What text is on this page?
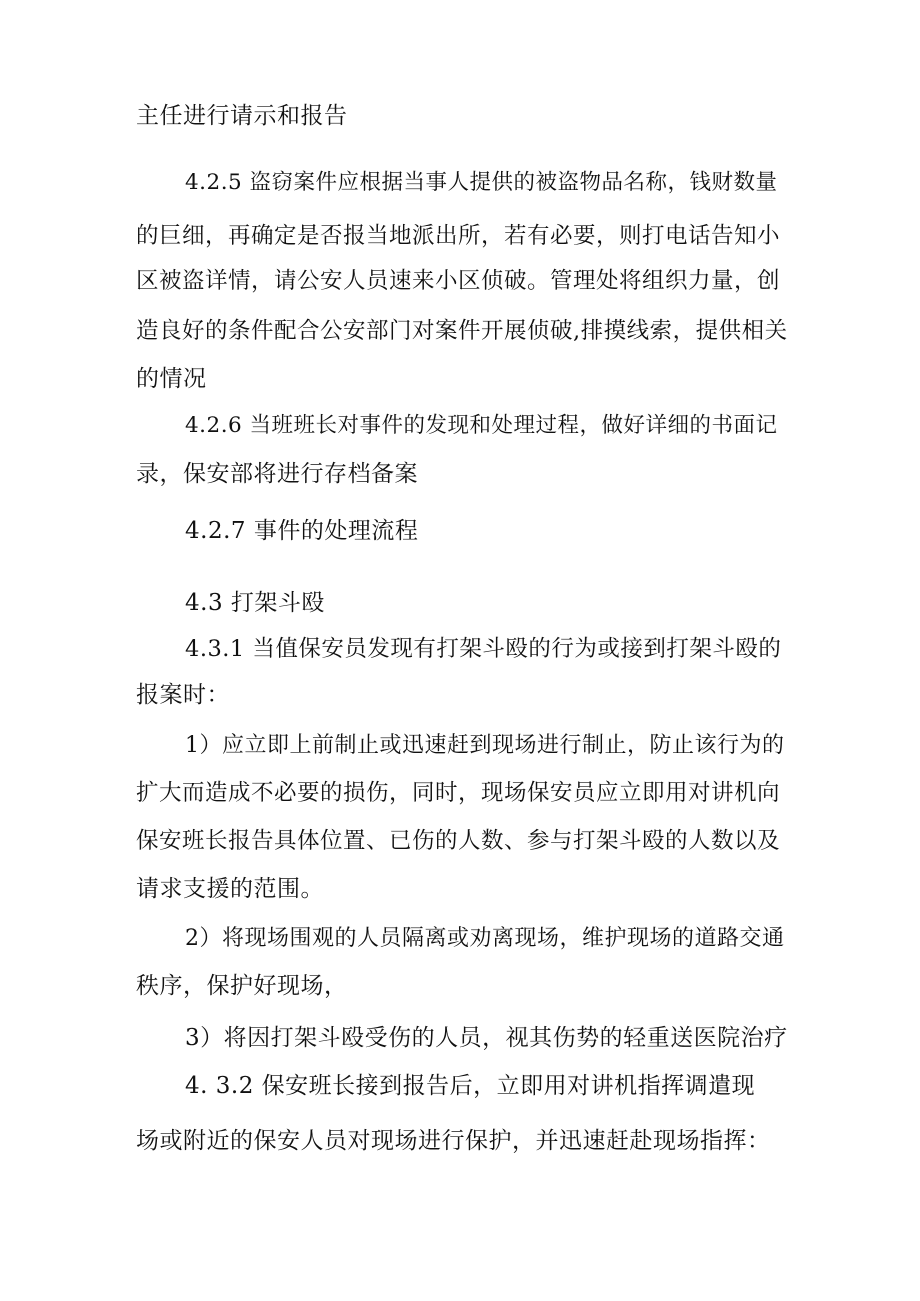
主任进行请示和报告

4.2.5 盗窃案件应根据当事人提供的被盗物品名称，钱财数量

的巨细，再确定是否报当地派出所，若有必要，则打电话告知小

区被盗详情，请公安人员速来小区侦破。管理处将组织力量，创

造良好的条件配合公安部门对案件开展侦破,排摸线索，提供相关

的情况

4.2.6 当班班长对事件的发现和处理过程，做好详细的书面记

录，保安部将进行存档备案

4.2.7 事件的处理流程

4.3 打架斗殴

4.3.1 当值保安员发现有打架斗殴的行为或接到打架斗殴的

报案时：

1）应立即上前制止或迅速赶到现场进行制止，防止该行为的

扩大而造成不必要的损伤，同时，现场保安员应立即用对讲机向

保安班长报告具体位置、已伤的人数、参与打架斗殴的人数以及

请求支援的范围。

2）将现场围观的人员隔离或劝离现场，维护现场的道路交通

秩序，保护好现场，

3）将因打架斗殴受伤的人员，视其伤势的轻重送医院治疗

4. 3.2 保安班长接到报告后，立即用对讲机指挥调遣现

场或附近的保安人员对现场进行保护，并迅速赶赴现场指挥：
